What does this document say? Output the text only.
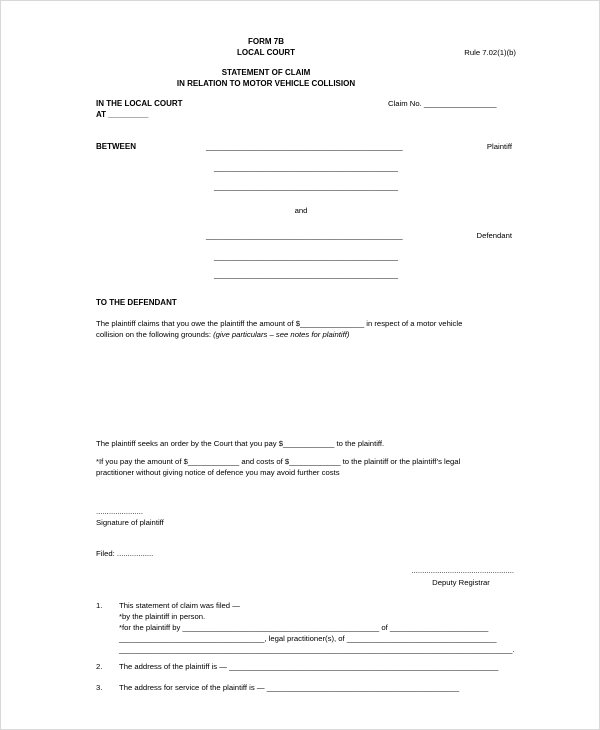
FORM 7B
LOCAL COURT	Rule 7.02(1)(b)
STATEMENT OF CLAIM
IN RELATION TO MOTOR VEHICLE COLLISION
IN THE LOCAL COURT	Claim No. _________________
AT _________
BETWEEN	______________________________________________	Plaintiff
___________________________________________
___________________________________________
and
______________________________________________	Defendant
___________________________________________
___________________________________________
TO THE DEFENDANT
The plaintiff claims that you owe the plaintiff the amount of $_______________ in respect of a motor vehicle
collision on the following grounds: (give particulars – see notes for plaintiff)
The plaintiff seeks an order by the Court that you pay $____________ to the plaintiff.
*If you pay the amount of $____________ and costs of $____________ to the plaintiff or the plaintiff’s legal
practitioner without giving notice of defence you may avoid further costs
......................
Signature of plaintiff
Filed: .................
................................................
Deputy Registrar
1. This statement of claim was filed —
*by the plaintiff in person.
*for the plaintiff by ______________________________________________ of _______________________
__________________________________, legal practitioner(s), of ___________________________________
____________________________________________________________________________________________.
2. The address of the plaintiff is — _______________________________________________________________
3. The address for service of the plaintiff is — _____________________________________________
